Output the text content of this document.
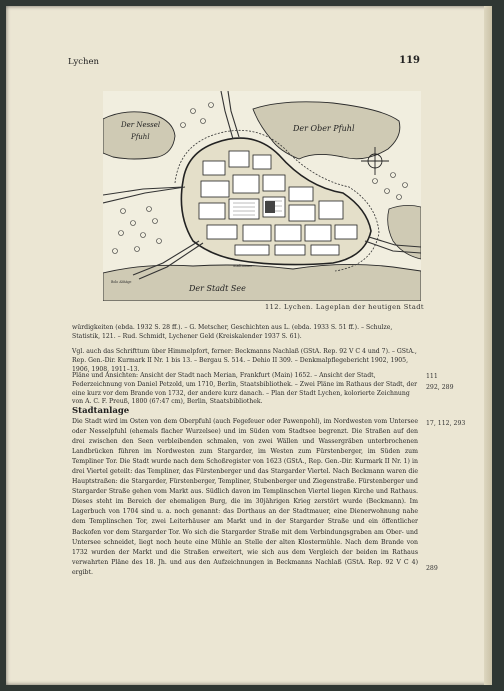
Lychen	119
Der Nessel
Pfuhl
Der Ober Pfuhl
Der Stadt See
Bolo Abhäge
Stadtmauer
112. Lychen. Lageplan der heutigen Stadt

würdigkeiten (ebda. 1932 S. 28 ff.). – G. Metscher, Geschichten aus L. (ebda. 1933 S. 51 ff.). – Schulze, Statistik, 121. – Rud. Schmidt, Lychener Geld (Kreiskalender 1937 S. 61).

Vgl. auch das Schrifttum über Himmelpfort, ferner: Beckmanns Nachlaß (GStA. Rep. 92 V C 4 und 7). – GStA., Rep. Gen.-Dir. Kurmark II Nr. 1 bis 13. – Bergau S. 514. – Dehio II 309. – Denkmalpflegebericht 1902, 1905, 1906, 1908, 1911–13.

Pläne und Ansichten: Ansicht der Stadt nach Merian, Frankfurt (Main) 1652. – Ansicht der Stadt, Federzeichnung von Daniel Petzold, um 1710, Berlin, Staatsbibliothek. – Zwei Pläne im Rathaus der Stadt, der eine kurz vor dem Brande von 1732, der andere kurz danach. – Plan der Stadt Lychen, kolorierte Zeichnung von A. C. F. Preuß, 1800 (67:47 cm), Berlin, Staatsbibliothek.

111
292, 289
Stadtanlage
Die Stadt wird im Osten von dem Oberpfuhl (auch Fegefeuer oder Pawenpohl), im Nordwesten vom Untersee oder Nesselpfuhl (ehemals flacher Wurzelsee) und im Süden vom Stadtsee begrenzt. Die Straßen auf den drei zwischen den Seen verbleibenden schmalen, von zwei Wällen und Wassergräben unterbrochenen Landbrücken führen im Nordwesten zum Stargarder, im Westen zum Fürstenberger, im Süden zum Templiner Tor. Die Stadt wurde nach dem Schoßregister von 1623 (GStA., Rep. Gen.-Dir. Kurmark II Nr. 1) in drei Viertel geteilt: das Templiner, das Fürstenberger und das Stargarder Viertel. Nach Beckmann waren die Hauptstraßen: die Stargarder, Fürstenberger, Templiner, Stubenberger und Ziegenstraße. Fürstenberger und Stargarder Straße gehen vom Markt aus. Südlich davon im Templinschen Viertel liegen Kirche und Rathaus. Dieses steht im Bereich der ehemaligen Burg, die im 30jährigen Krieg zerstört wurde (Beckmann). Im Lagerbuch von 1704 sind u. a. noch genannt: das Dorthaus an der Stadtmauer, eine Dienerwohnung nahe dem Templinschen Tor, zwei Leiterhäuser am Markt und in der Stargarder Straße und ein öffentlicher Backofen vor dem Stargarder Tor. Wo sich die Stargarder Straße mit dem Verbindungsgraben am Ober- und Untersee schneidet, liegt noch heute eine Mühle an Stelle der alten Klostermühle. Nach dem Brande von 1732 wurden der Markt und die Straßen erweitert, wie sich aus dem Vergleich der beiden im Rathaus verwahrten Pläne des 18. Jh. und aus den Aufzeichnungen in Beckmanns Nachlaß (GStA. Rep. 92 V C 4) ergibt.
17, 112, 293
289
